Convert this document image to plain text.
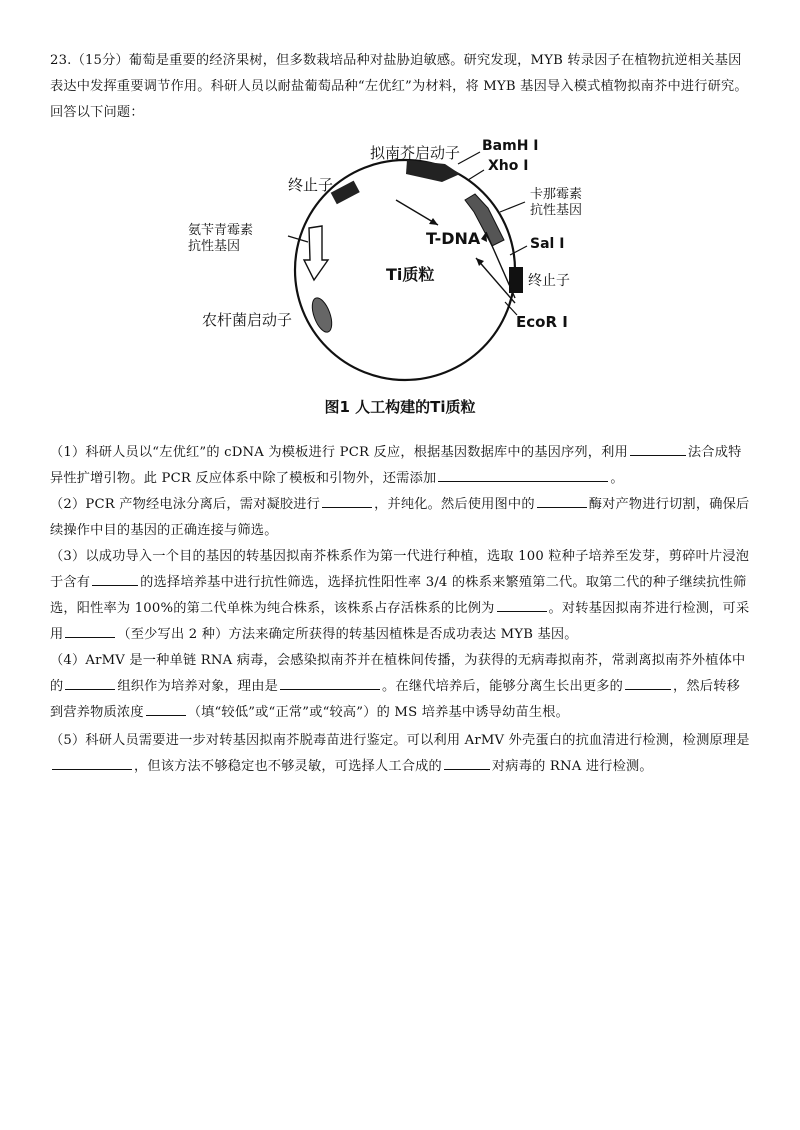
23.（15分）葡萄是重要的经济果树，但多数栽培品种对盐胁迫敏感。研究发现，MYB 转录因子在植物抗逆相关基因表达中发挥重要调节作用。科研人员以耐盐葡萄品种“左优红”为材料，将 MYB 基因导入模式植物拟南芥中进行研究。回答以下问题：
拟南芥启动子 BamH I
Xho I
卡那霉素
抗性基因
Sal I
终止子
EcoR I
终止子
氨苄青霉素
抗性基因
农杆菌启动子
T-DNA
Ti质粒
图1 人工构建的Ti质粒
（1）科研人员以“左优红”的 cDNA 为模板进行 PCR 反应，根据基因数据库中的基因序列，利用	法合成特异性扩增引物。此 PCR 反应体系中除了模板和引物外，还需添加	。
（2）PCR 产物经电泳分离后，需对凝胶进行	，并纯化。然后使用图中的	酶对产物进行切割，确保后续操作中目的基因的正确连接与筛选。
（3）以成功导入一个目的基因的转基因拟南芥株系作为第一代进行种植，选取 100 粒种子培养至发芽，剪碎叶片浸泡于含有	的选择培养基中进行抗性筛选，选择抗性阳性率 3/4 的株系来繁殖第二代。取第二代的种子继续抗性筛选，阳性率为 100%的第二代单株为纯合株系，该株系占存活株系的比例为	。对转基因拟南芥进行检测，可采用	（至少写出 2 种）方法来确定所获得的转基因植株是否成功表达 MYB 基因。
（4）ArMV 是一种单链 RNA 病毒，会感染拟南芥并在植株间传播，为获得的无病毒拟南芥，常剥离拟南芥外植体中的	组织作为培养对象，理由是	。在继代培养后，能够分离生长出更多的	，然后转移到营养物质浓度	（填“较低”或“正常”或“较高”）的 MS 培养基中诱导幼苗生根。
（5）科研人员需要进一步对转基因拟南芥脱毒苗进行鉴定。可以利用 ArMV 外壳蛋白的抗血清进行检测，检测原理是，但该方法不够稳定也不够灵敏，可选择人工合成的	对病毒的 RNA 进行检测。
